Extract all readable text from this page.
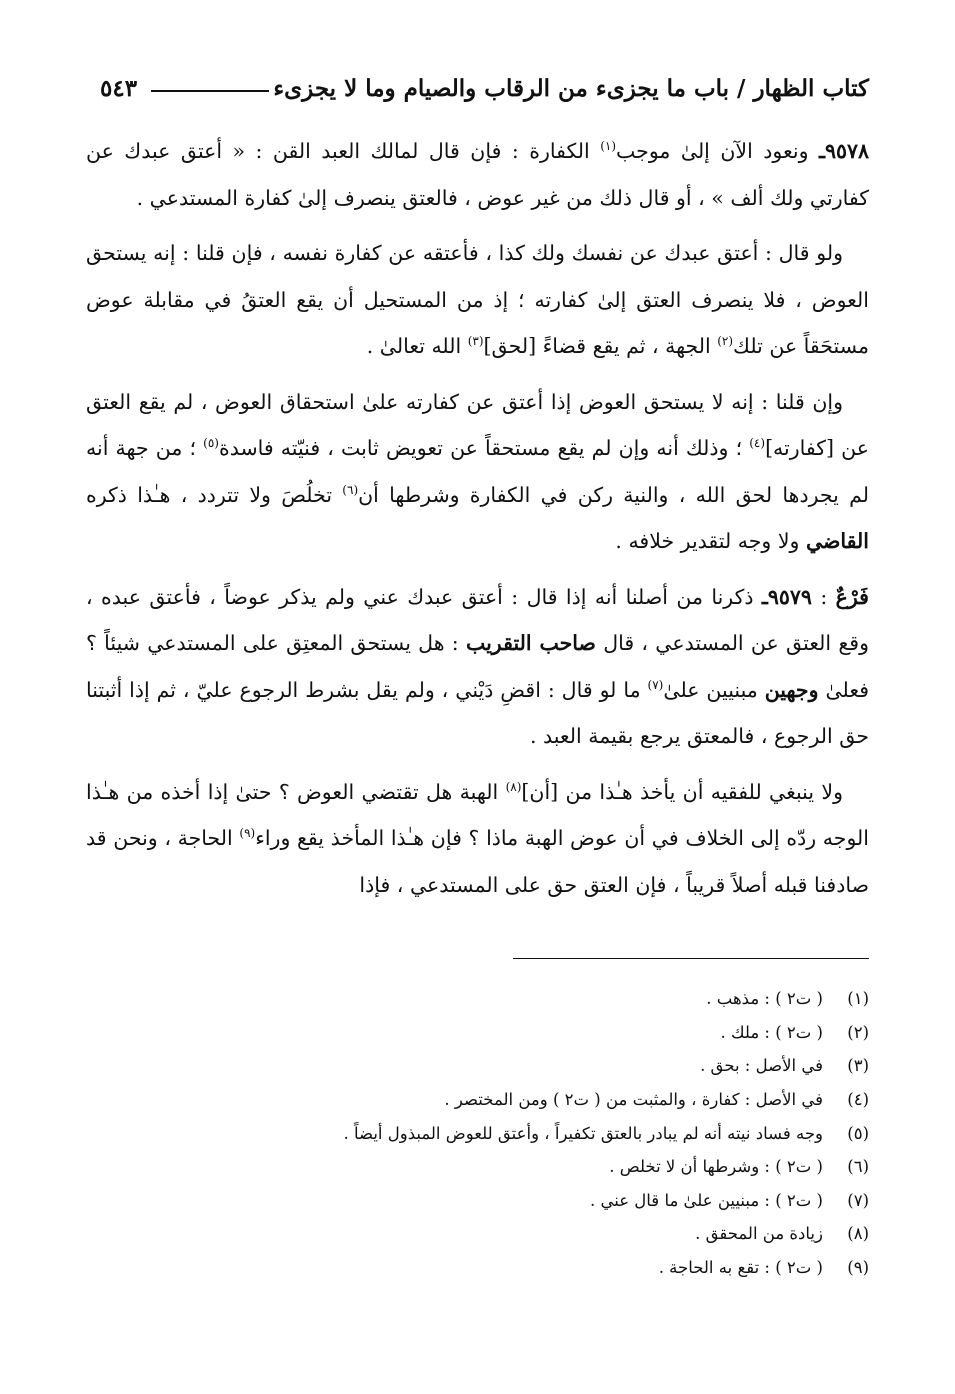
كتاب الظهار / باب ما يجزىء من الرقاب والصيام وما لا يجزىء
٥٤٣

٩٥٧٨ـ ونعود الآن إلىٰ موجب$^{(١)}$ الكفارة : فإن قال لمالك العبد القن : « أعتق عبدك عن كفارتي ولك ألف » ، أو قال ذلك من غير عوض ، فالعتق ينصرف إلىٰ كفارة المستدعي .

ولو قال : أعتق عبدك عن نفسك ولك كذا ، فأعتقه عن كفارة نفسه ، فإن قلنا : إنه يستحق العوض ، فلا ينصرف العتق إلىٰ كفارته ؛ إذ من المستحيل أن يقع العتقُ في مقابلة عوض مستحَقاً عن تلك$^{(٢)}$ الجهة ، ثم يقع قضاءً [لحق]$^{(٣)}$ الله تعالىٰ .

وإن قلنا : إنه لا يستحق العوض إذا أعتق عن كفارته علىٰ استحقاق العوض ، لم يقع العتق عن [كفارته]$^{(٤)}$ ؛ وذلك أنه وإن لم يقع مستحقاً عن تعويض ثابت ، فنيّته فاسدة$^{(٥)}$ ؛ من جهة أنه لم يجردها لحق الله ، والنية ركن في الكفارة وشرطها أن$^{(٦)}$ تخلُصَ ولا تتردد ، هـٰذا ذكره القاضي ولا وجه لتقدير خلافه .

فَرْعٌ : ٩٥٧٩ـ ذكرنا من أصلنا أنه إذا قال : أعتق عبدك عني ولم يذكر عوضاً ، فأعتق عبده ، وقع العتق عن المستدعي ، قال صاحب التقريب : هل يستحق المعتِق على المستدعي شيئاً ؟ فعلىٰ وجهين مبنيين علىٰ$^{(٧)}$ ما لو قال : اقضِ دَيْني ، ولم يقل بشرط الرجوع عليّ ، ثم إذا أثبتنا حق الرجوع ، فالمعتق يرجع بقيمة العبد .

ولا ينبغي للفقيه أن يأخذ هـٰذا من [أن]$^{(٨)}$ الهبة هل تقتضي العوض ؟ حتىٰ إذا أخذه من هـٰذا الوجه ردّه إلى الخلاف في أن عوض الهبة ماذا ؟ فإن هـٰذا المأخذ يقع وراء$^{(٩)}$ الحاجة ، ونحن قد صادفنا قبله أصلاً قريباً ، فإن العتق حق على المستدعي ، فإذا

(١)
( ت٢ ) : مذهب .
(٢)
( ت٢ ) : ملك .
(٣)
في الأصل : بحق .
(٤)
في الأصل : كفارة ، والمثبت من ( ت٢ ) ومن المختصر .
(٥)
وجه فساد نيته أنه لم يبادر بالعتق تكفيراً ، وأعتق للعوض المبذول أيضاً .
(٦)
( ت٢ ) : وشرطها أن لا تخلص .
(٧)
( ت٢ ) : مبنيين علىٰ ما قال عني .
(٨)
زيادة من المحقق .
(٩)
( ت٢ ) : تقع به الحاجة .
